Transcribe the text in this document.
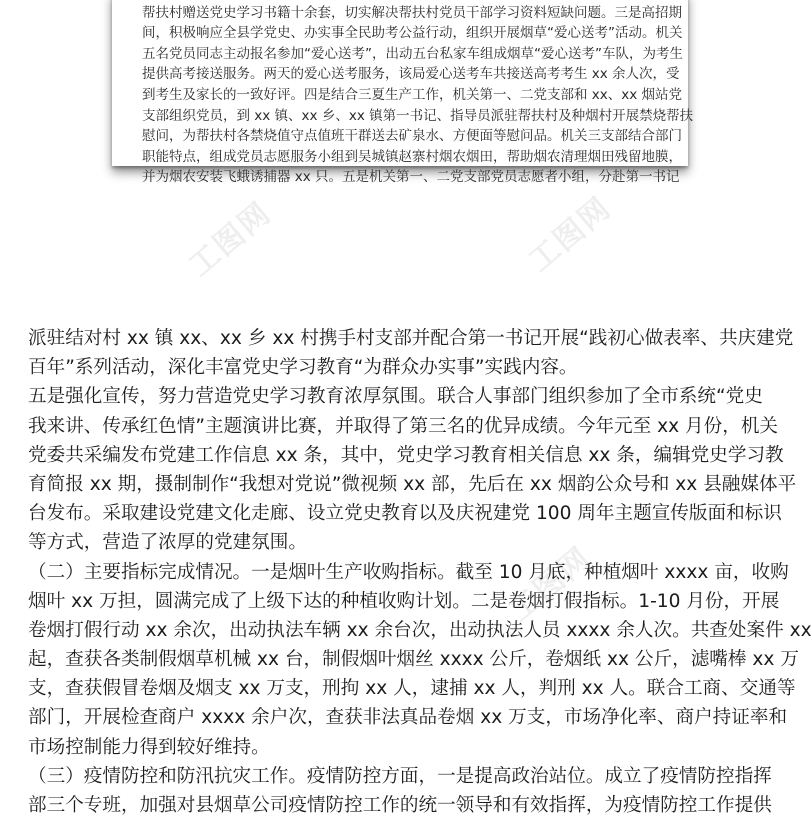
帮扶村赠送党史学习书籍十余套，切实解决帮扶村党员干部学习资料短缺问题。三是高招期
间，积极响应全县学党史、办实事全民助考公益行动，组织开展烟草“爱心送考”活动。机关
五名党员同志主动报名参加“爱心送考”，出动五台私家车组成烟草“爱心送考”车队，为考生
提供高考接送服务。两天的爱心送考服务，该局爱心送考车共接送高考考生 xx 余人次，受
到考生及家长的一致好评。四是结合三夏生产工作，机关第一、二党支部和 xx、xx 烟站党
支部组织党员，到 xx 镇、xx 乡、xx 镇第一书记、指导员派驻帮扶村及种烟村开展禁烧帮扶
慰问，为帮扶村各禁烧值守点值班干群送去矿泉水、方便面等慰问品。机关三支部结合部门
职能特点，组成党员志愿服务小组到吴城镇赵寨村烟农烟田，帮助烟农清理烟田残留地膜，
并为烟农安装飞蛾诱捕器 xx 只。五是机关第一、二党支部党员志愿者小组，分赴第一书记
工图网	工图网
工图网
派驻结对村 xx 镇 xx、xx 乡 xx 村携手村支部并配合第一书记开展“践初心做表率、共庆建党
百年”系列活动，深化丰富党史学习教育“为群众办实事”实践内容。
五是强化宣传，努力营造党史学习教育浓厚氛围。联合人事部门组织参加了全市系统“党史
我来讲、传承红色情”主题演讲比赛，并取得了第三名的优异成绩。今年元至 xx 月份，机关
党委共采编发布党建工作信息 xx 条，其中，党史学习教育相关信息 xx 条，编辑党史学习教
育简报 xx 期，摄制制作“我想对党说”微视频 xx 部，先后在 xx 烟韵公众号和 xx 县融媒体平
台发布。采取建设党建文化走廊、设立党史教育以及庆祝建党 100 周年主题宣传版面和标识
等方式，营造了浓厚的党建氛围。
（二）主要指标完成情况。一是烟叶生产收购指标。截至 10 月底，种植烟叶 xxxx 亩，收购
烟叶 xx 万担，圆满完成了上级下达的种植收购计划。二是卷烟打假指标。1-10 月份，开展
卷烟打假行动 xx 余次，出动执法车辆 xx 余台次，出动执法人员 xxxx 余人次。共查处案件 xx
起，查获各类制假烟草机械 xx 台，制假烟叶烟丝 xxxx 公斤，卷烟纸 xx 公斤，滤嘴棒 xx 万
支，查获假冒卷烟及烟支 xx 万支，刑拘 xx 人，逮捕 xx 人，判刑 xx 人。联合工商、交通等
部门，开展检查商户 xxxx 余户次，查获非法真品卷烟 xx 万支，市场净化率、商户持证率和
市场控制能力得到较好维持。
（三）疫情防控和防汛抗灾工作。疫情防控方面，一是提高政治站位。成立了疫情防控指挥
部三个专班，加强对县烟草公司疫情防控工作的统一领导和有效指挥，为疫情防控工作提供
